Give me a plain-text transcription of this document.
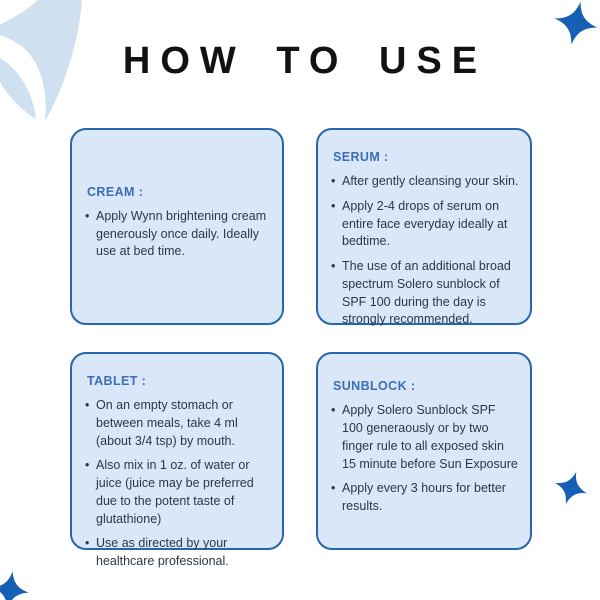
HOW TO USE
CREAM :
• Apply Wynn brightening cream generously once daily. Ideally use at bed time.
SERUM :
• After gently cleansing your skin.
• Apply 2-4 drops of serum on entire face everyday ideally at bedtime.
• The use of an additional broad spectrum Solero sunblock of SPF 100 during the day is strongly recommended.
TABLET :
• On an empty stomach or between meals, take 4 ml (about 3/4 tsp) by mouth.
• Also mix in 1 oz. of water or juice (juice may be preferred due to the potent taste of glutathione)
• Use as directed by your healthcare professional.
SUNBLOCK :
• Apply Solero Sunblock SPF 100 generaously or by two finger rule to all exposed skin 15 minute before Sun Exposure
• Apply every 3 hours for better results.
